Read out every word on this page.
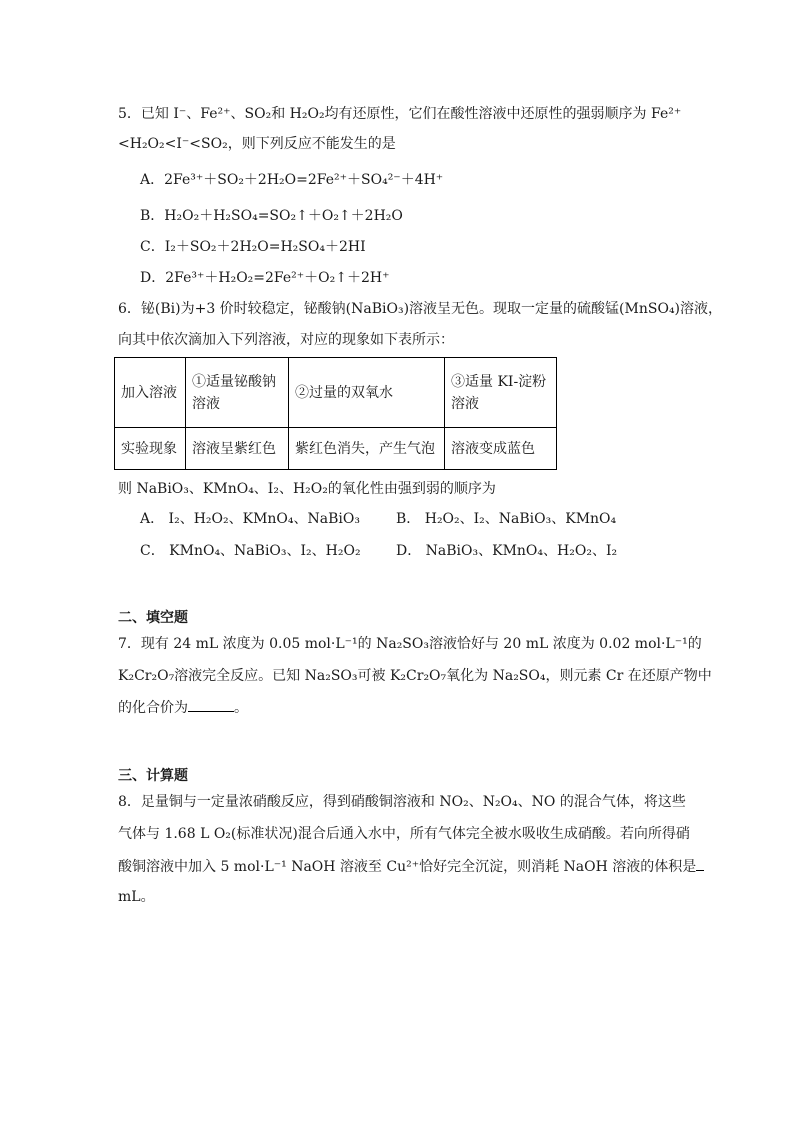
5．已知 I⁻、Fe²⁺、SO₂和 H₂O₂均有还原性，它们在酸性溶液中还原性的强弱顺序为 Fe²⁺
<H₂O₂<I⁻<SO₂，则下列反应不能发生的是
A．2Fe³⁺＋SO₂＋2H₂O=2Fe²⁺＋SO₄²⁻＋4H⁺
B．H₂O₂＋H₂SO₄=SO₂↑＋O₂↑＋2H₂O
C．I₂＋SO₂＋2H₂O=H₂SO₄＋2HI
D．2Fe³⁺＋H₂O₂=2Fe²⁺＋O₂↑＋2H⁺
6．铋(Bi)为+3 价时较稳定，铋酸钠(NaBiO₃)溶液呈无色。现取一定量的硫酸锰(MnSO₄)溶液，
向其中依次滴加入下列溶液，对应的现象如下表所示：
加入溶液	①适量铋酸钠溶液	②过量的双氧水	③适量 KI-淀粉溶液
实验现象	溶液呈紫红色	紫红色消失，产生气泡	溶液变成蓝色
则 NaBiO₃、KMnO₄、I₂、H₂O₂的氧化性由强到弱的顺序为
A． I₂、H₂O₂、KMnO₄、NaBiO₃	B． H₂O₂、I₂、NaBiO₃、KMnO₄
C． KMnO₄、NaBiO₃、I₂、H₂O₂	D． NaBiO₃、KMnO₄、H₂O₂、I₂
二、填空题
7．现有 24 mL 浓度为 0.05 mol·L⁻¹的 Na₂SO₃溶液恰好与 20 mL 浓度为 0.02 mol·L⁻¹的
K₂Cr₂O₇溶液完全反应。已知 Na₂SO₃可被 K₂Cr₂O₇氧化为 Na₂SO₄，则元素 Cr 在还原产物中
的化合价为	。
三、计算题
8．足量铜与一定量浓硝酸反应，得到硝酸铜溶液和 NO₂、N₂O₄、NO 的混合气体，将这些
气体与 1.68 L O₂(标准状况)混合后通入水中，所有气体完全被水吸收生成硝酸。若向所得硝
酸铜溶液中加入 5 mol·L⁻¹ NaOH 溶液至 Cu²⁺恰好完全沉淀，则消耗 NaOH 溶液的体积是
mL。
